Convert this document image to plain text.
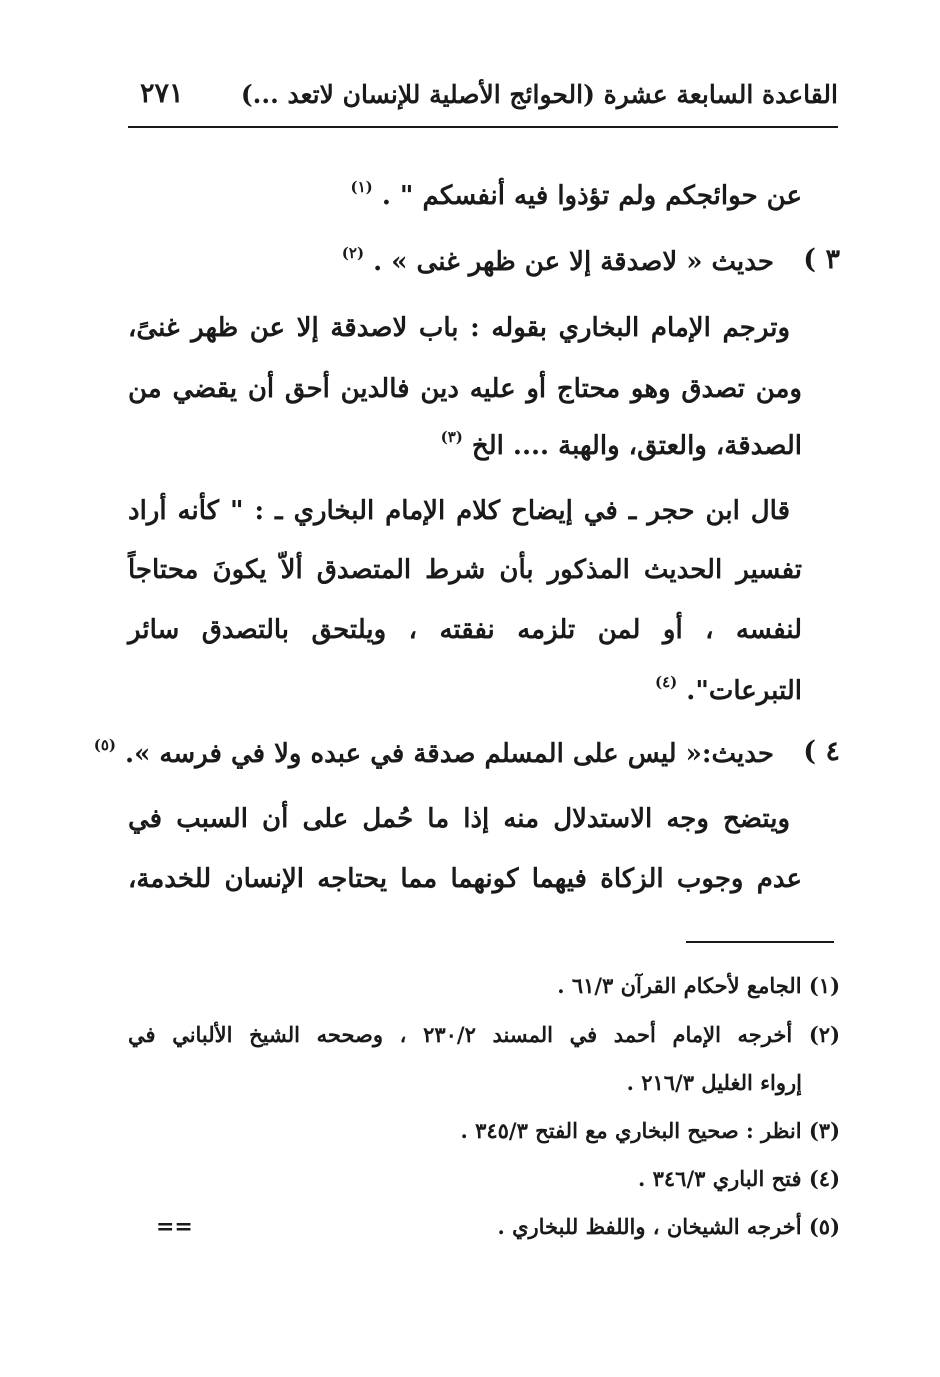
٢٧١ القاعدة السابعة عشرة (الحوائج الأصلية للإنسان لاتعد ...)
عن حوائجكم ولم تؤذوا فيه أنفسكم " . $^{(١)}$
٣ )
حديث « لاصدقة إلا عن ظهر غنى » . $^{(٢)}$
وترجم الإمام البخاري بقوله : باب لاصدقة إلا عن ظهر غنىً،
ومن تصدق وهو محتاج أو عليه دين فالدين أحق أن يقضي من
الصدقة، والعتق، والهبة .... الخ $^{(٣)}$
قال ابن حجر ـ في إيضاح كلام الإمام البخاري ـ : " كأنه أراد
تفسير الحديث المذكور بأن شرط المتصدق ألاّ يكونَ محتاجاً
لنفسه ، أو لمن تلزمه نفقته ، ويلتحق بالتصدق سائر
التبرعات". $^{(٤)}$
٤ )
حديث:« ليس على المسلم صدقة في عبده ولا في فرسه ». $^{(٥)}$
ويتضح وجه الاستدلال منه إذا ما حُمل على أن السبب في
عدم وجوب الزكاة فيهما كونهما مما يحتاجه الإنسان للخدمة،
(١) الجامع لأحكام القرآن ٦١/٣ .
(٢) أخرجه الإمام أحمد في المسند ٢٣٠/٢ ، وصححه الشيخ الألباني في
إرواء الغليل ٢١٦/٣ .
(٣) انظر : صحيح البخاري مع الفتح ٣٤٥/٣ .
(٤) فتح الباري ٣٤٦/٣ .
(٥) أخرجه الشيخان ، واللفظ للبخاري .
==
